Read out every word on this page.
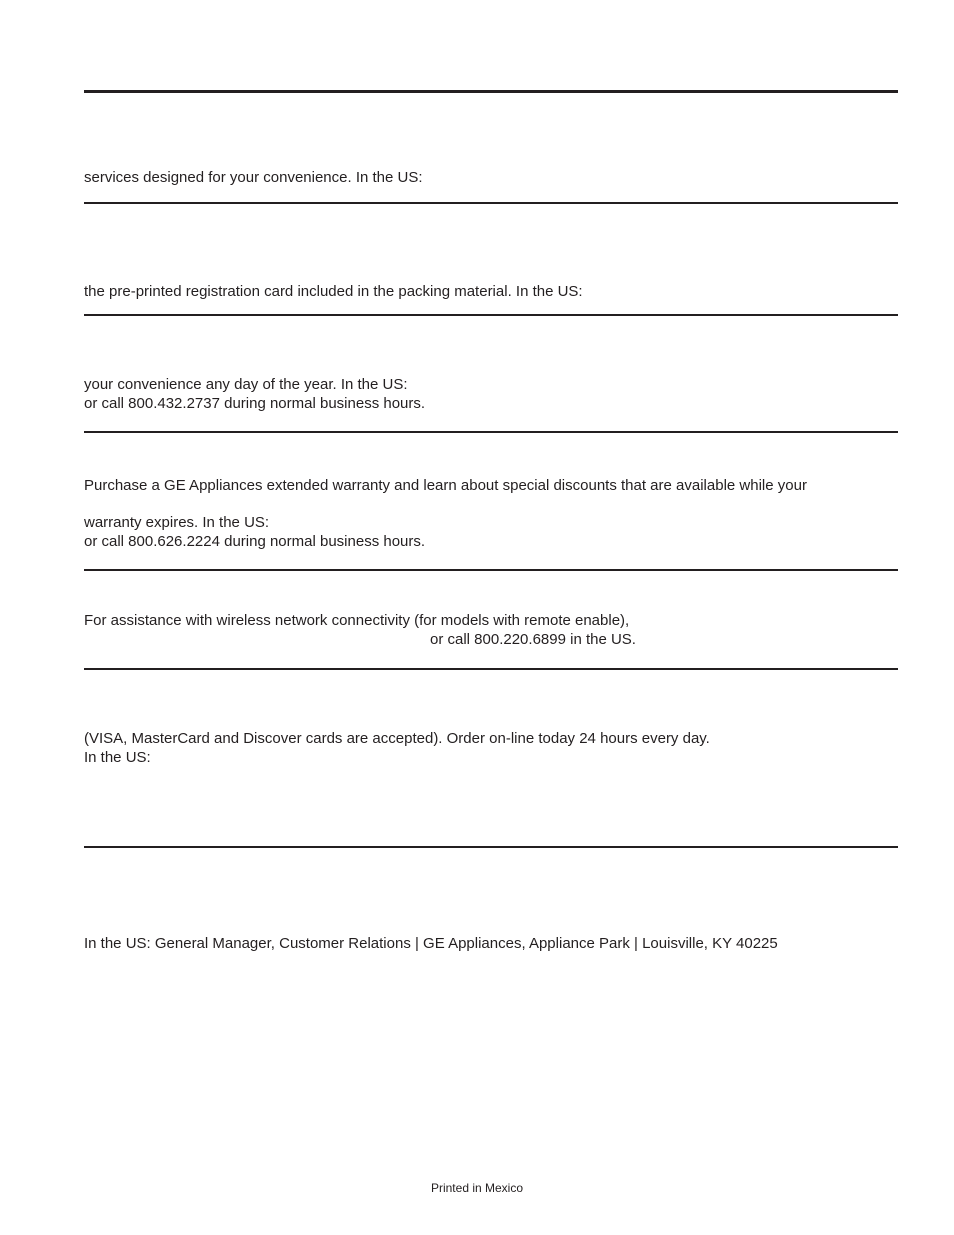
services designed for your convenience. In the US:
the pre-printed registration card included in the packing material. In the US:
your convenience any day of the year. In the US:
or call 800.432.2737 during normal business hours.
Purchase a GE Appliances extended warranty and learn about special discounts that are available while your
warranty expires. In the US:
or call 800.626.2224 during normal business hours.
For assistance with wireless network connectivity (for models with remote enable),
or call 800.220.6899 in the US.
(VISA, MasterCard and Discover cards are accepted). Order on-line today 24 hours every day.
In the US:
In the US: General Manager, Customer Relations | GE Appliances, Appliance Park | Louisville, KY 40225
Printed in Mexico
